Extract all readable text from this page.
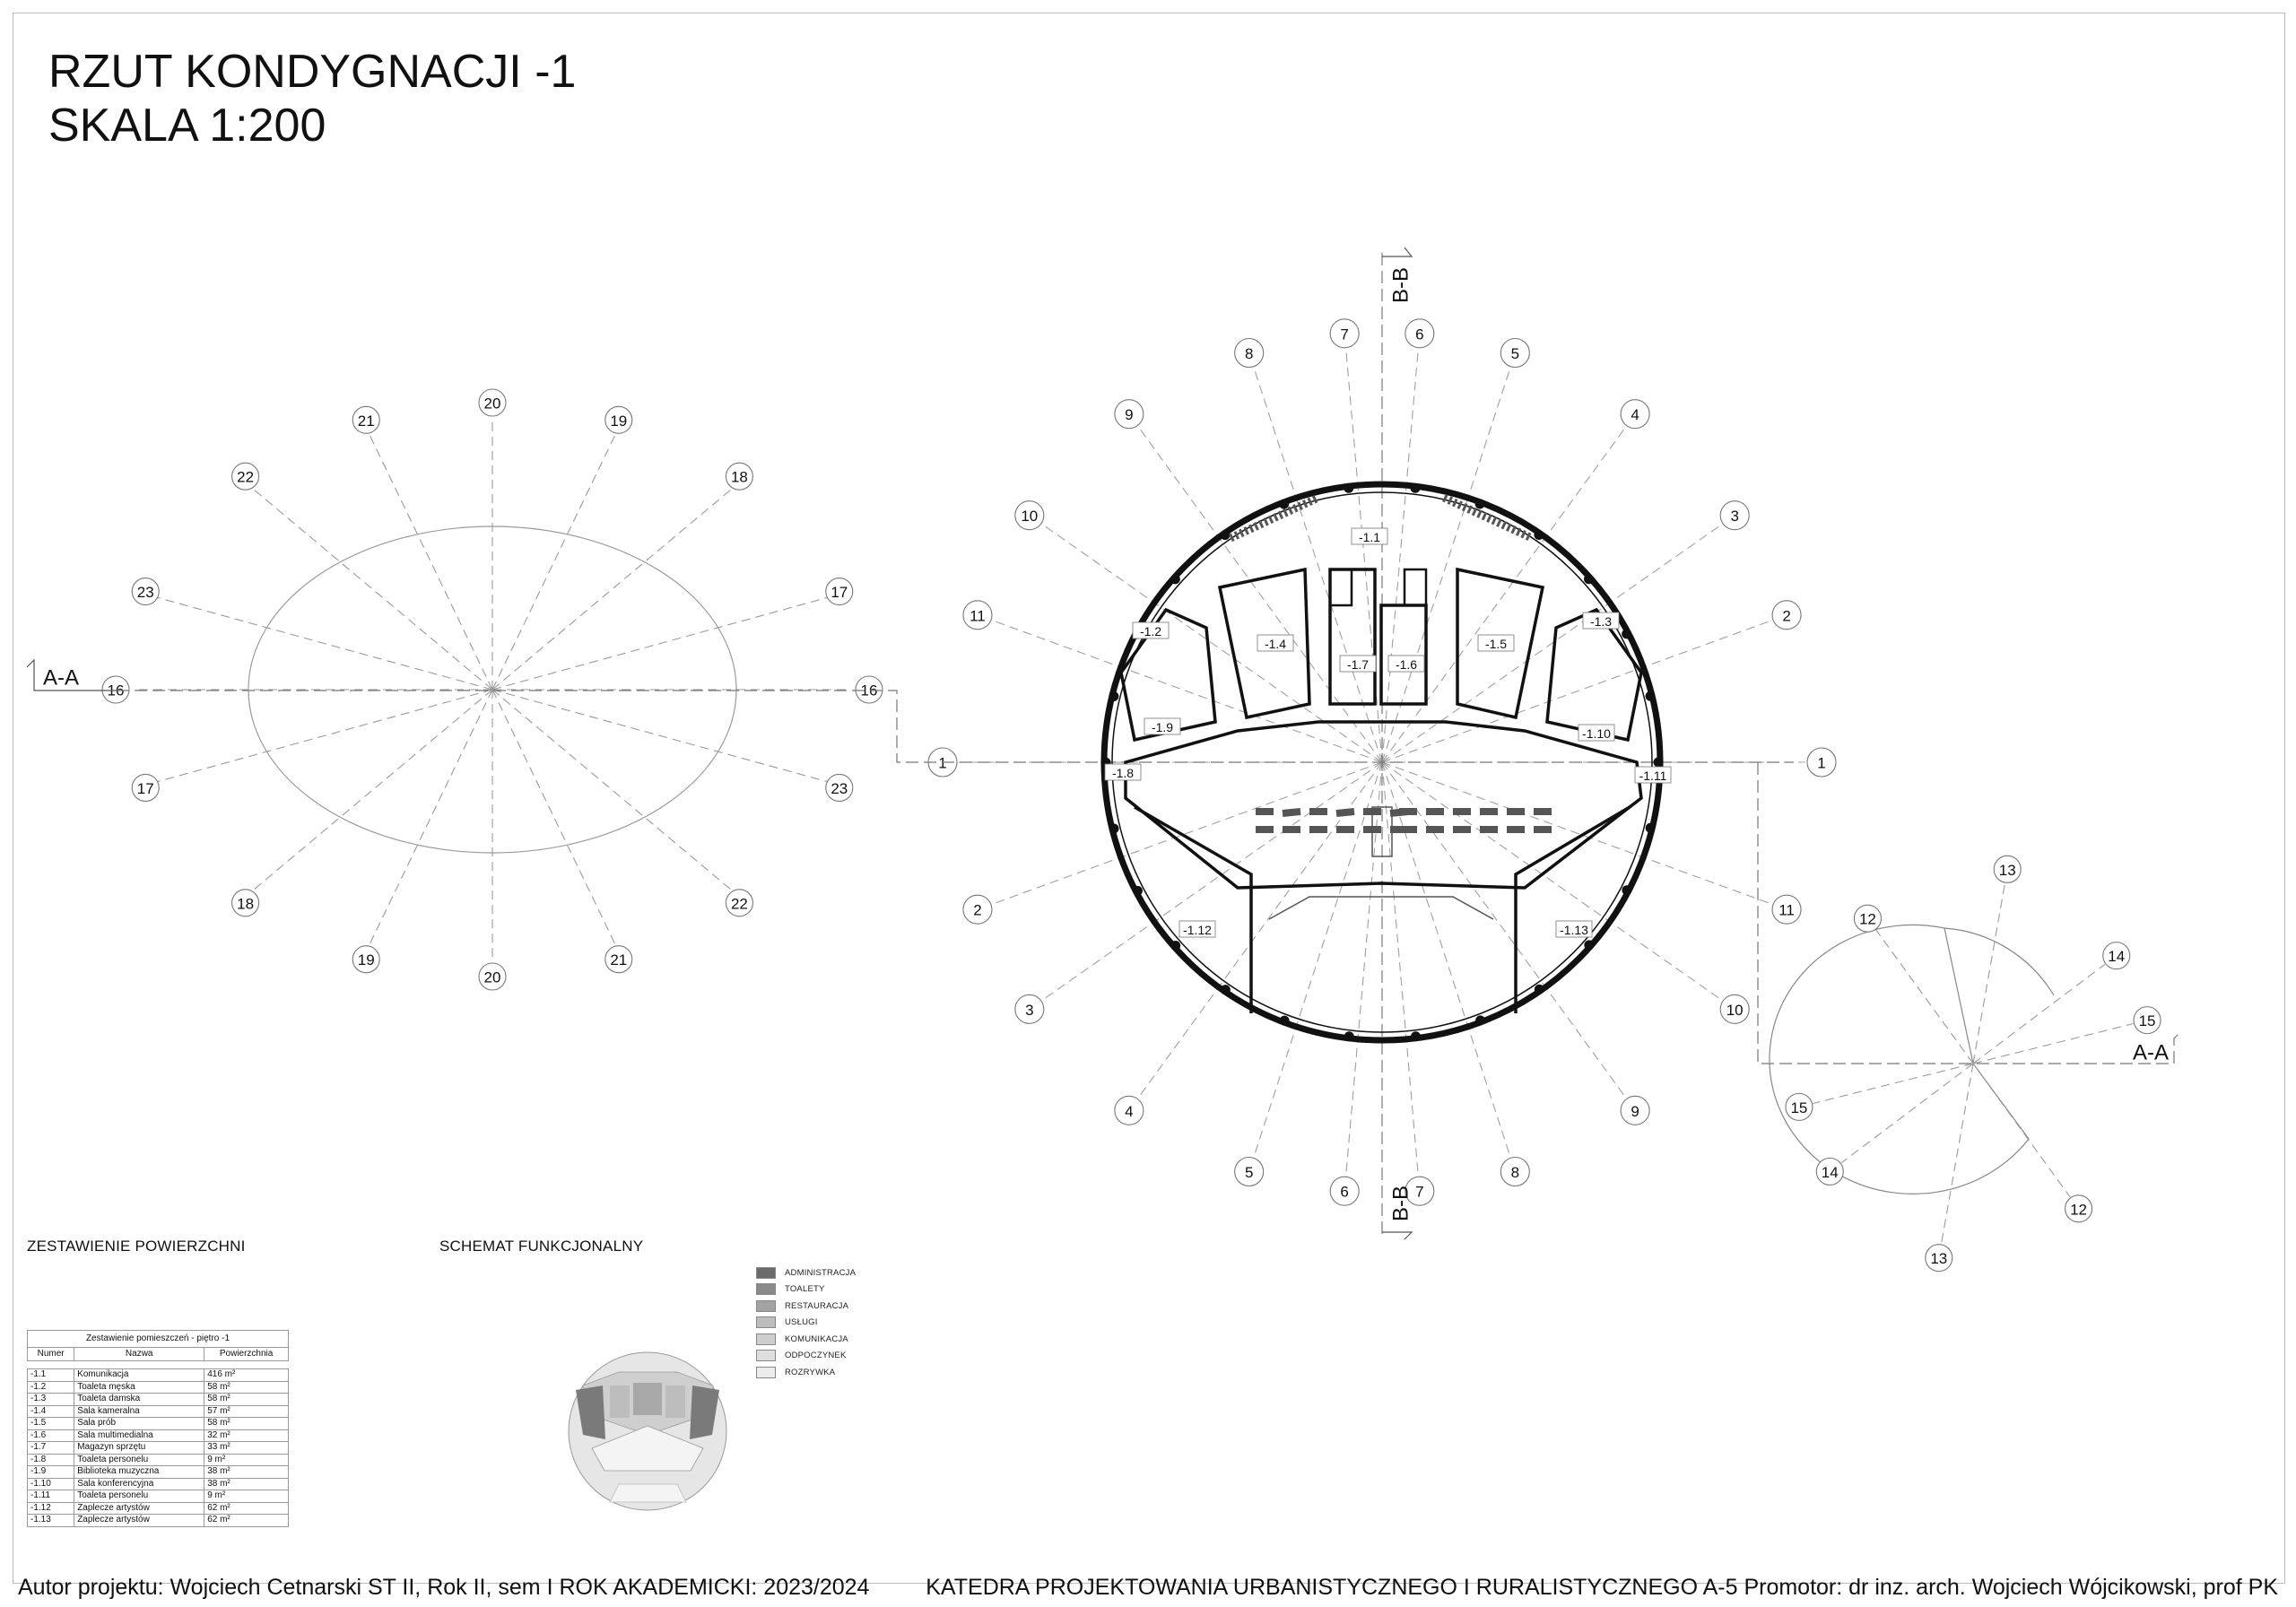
RZUT KONDYGNACJI -1
SKALA 1:200
16
17
18
19
20
21
22
23
16
17
18
19
20
21
22
23
A-A
1
2
3
4
5
6
7
8
9
10
11
1
2
3
4
5
6	7
8
9
10
11
B-B
B-B
A-A
-1.1
-1.2
-1.3
-1.4	-1.5
-1.6
-1.7
-1.8
-1.9	-1.10
-1.11
-1.12	-1.13
13
12
14
15
13
12
14
15
ZESTAWIENIE POWIERZCHNI	SCHEMAT FUNKCJONALNY
Zestawienie pomieszczeń - piętro -1		
Numer	Nazwa	Powierzchnia

-1.1	Komunikacja	416 m²
-1.2	Toaleta męska	58 m²
-1.3	Toaleta damska	58 m²
-1.4	Sala kameralna	57 m²
-1.5	Sala prób	58 m²
-1.6	Sala multimedialna	32 m²
-1.7	Magazyn sprzętu	33 m²
-1.8	Toaleta personelu	9 m²
-1.9	Biblioteka muzyczna	38 m²
-1.10	Sala konferencyjna	38 m²
-1.11	Toaleta personelu	9 m²
-1.12	Zaplecze artystów	62 m²
-1.13	Zaplecze artystów	62 m²
ADMINISTRACJA
TOALETY
RESTAURACJA
USŁUGI
KOMUNIKACJA
ODPOCZYNEK
ROZRYWKA
Autor projektu: Wojciech Cetnarski ST II, Rok II, sem I ROK AKADEMICKI: 2023/2024	KATEDRA PROJEKTOWANIA URBANISTYCZNEGO I RURALISTYCZNEGO A-5 Promotor: dr inz. arch. Wojciech Wójcikowski, prof PK
